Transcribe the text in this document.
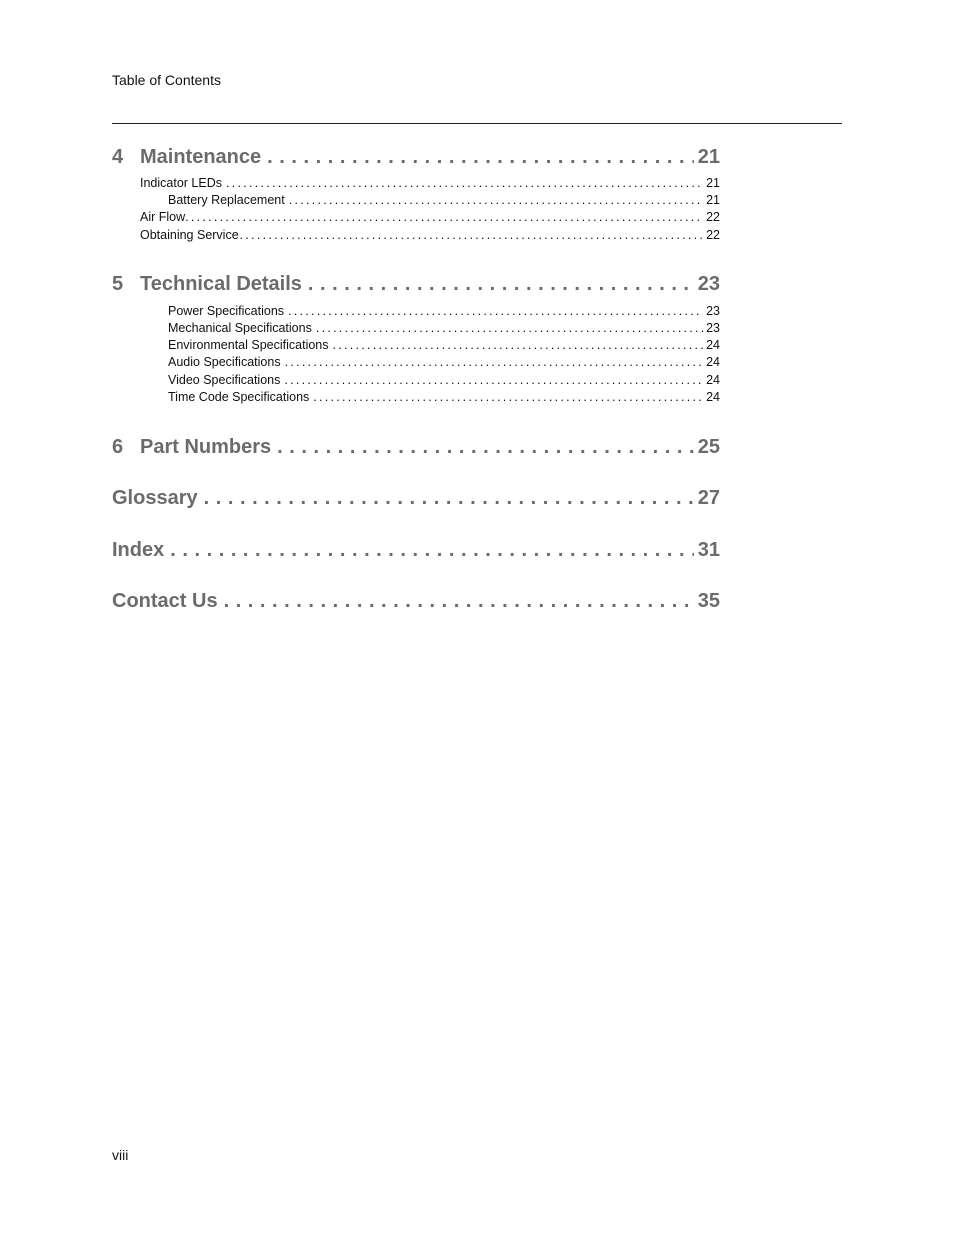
Table of Contents
4 Maintenance . . .	21
Indicator LEDs . . .	21
Battery Replacement . . .	21
Air Flow . . .	22
Obtaining Service . . .	22
5 Technical Details . . .	23
Power Specifications . . .	23
Mechanical Specifications . . .	23
Environmental Specifications . . .	24
Audio Specifications . . .	24
Video Specifications . . .	24
Time Code Specifications . . .	24
6 Part Numbers . . .	25
Glossary . . .	27
Index . . .	31
Contact Us . . .	35
viii
